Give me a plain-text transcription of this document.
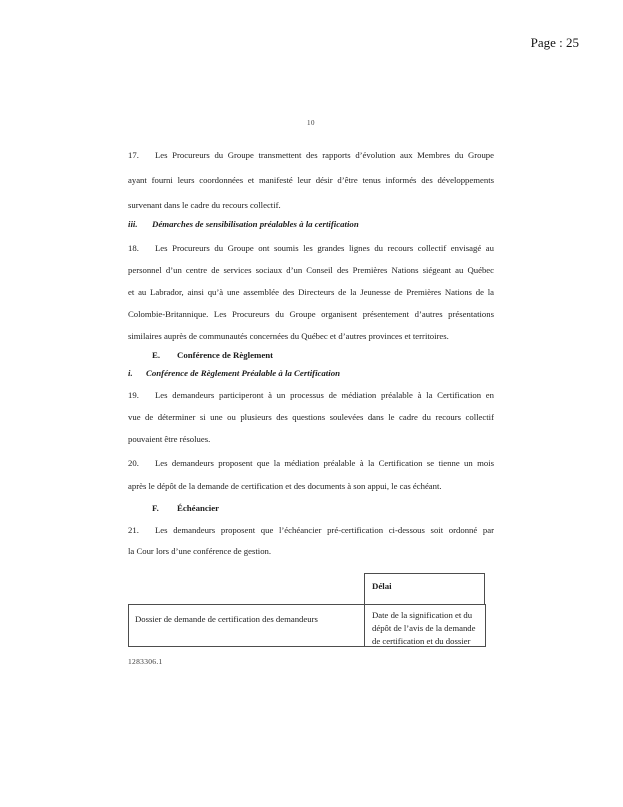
Page : 25
10
17. Les Procureurs du Groupe transmettent des rapports d’évolution aux Membres du Groupe
ayant fourni leurs coordonnées et manifesté leur désir d’être tenus informés des développements
survenant dans le cadre du recours collectif.
iii. Démarches de sensibilisation préalables à la certification
18. Les Procureurs du Groupe ont soumis les grandes lignes du recours collectif envisagé au
personnel d’un centre de services sociaux d’un Conseil des Premières Nations siégeant au Québec
et au Labrador, ainsi qu’à une assemblée des Directeurs de la Jeunesse de Premières Nations de la
Colombie-Britannique. Les Procureurs du Groupe organisent présentement d’autres présentations
similaires auprès de communautés concernées du Québec et d’autres provinces et territoires.
E. Conférence de Règlement
i. Conférence de Règlement Préalable à la Certification
19. Les demandeurs participeront à un processus de médiation préalable à la Certification en
vue de déterminer si une ou plusieurs des questions soulevées dans le cadre du recours collectif
pouvaient être résolues.
20. Les demandeurs proposent que la médiation préalable à la Certification se tienne un mois
après le dépôt de la demande de certification et des documents à son appui, le cas échéant.
F. Échéancier
21. Les demandeurs proposent que l’échéancier pré-certification ci-dessous soit ordonné par
la Cour lors d’une conférence de gestion.
Délai
Dossier de demande de certification des demandeurs	Date de la signification et du
dépôt de l’avis de la demande
de certification et du dossier
1283306.1
